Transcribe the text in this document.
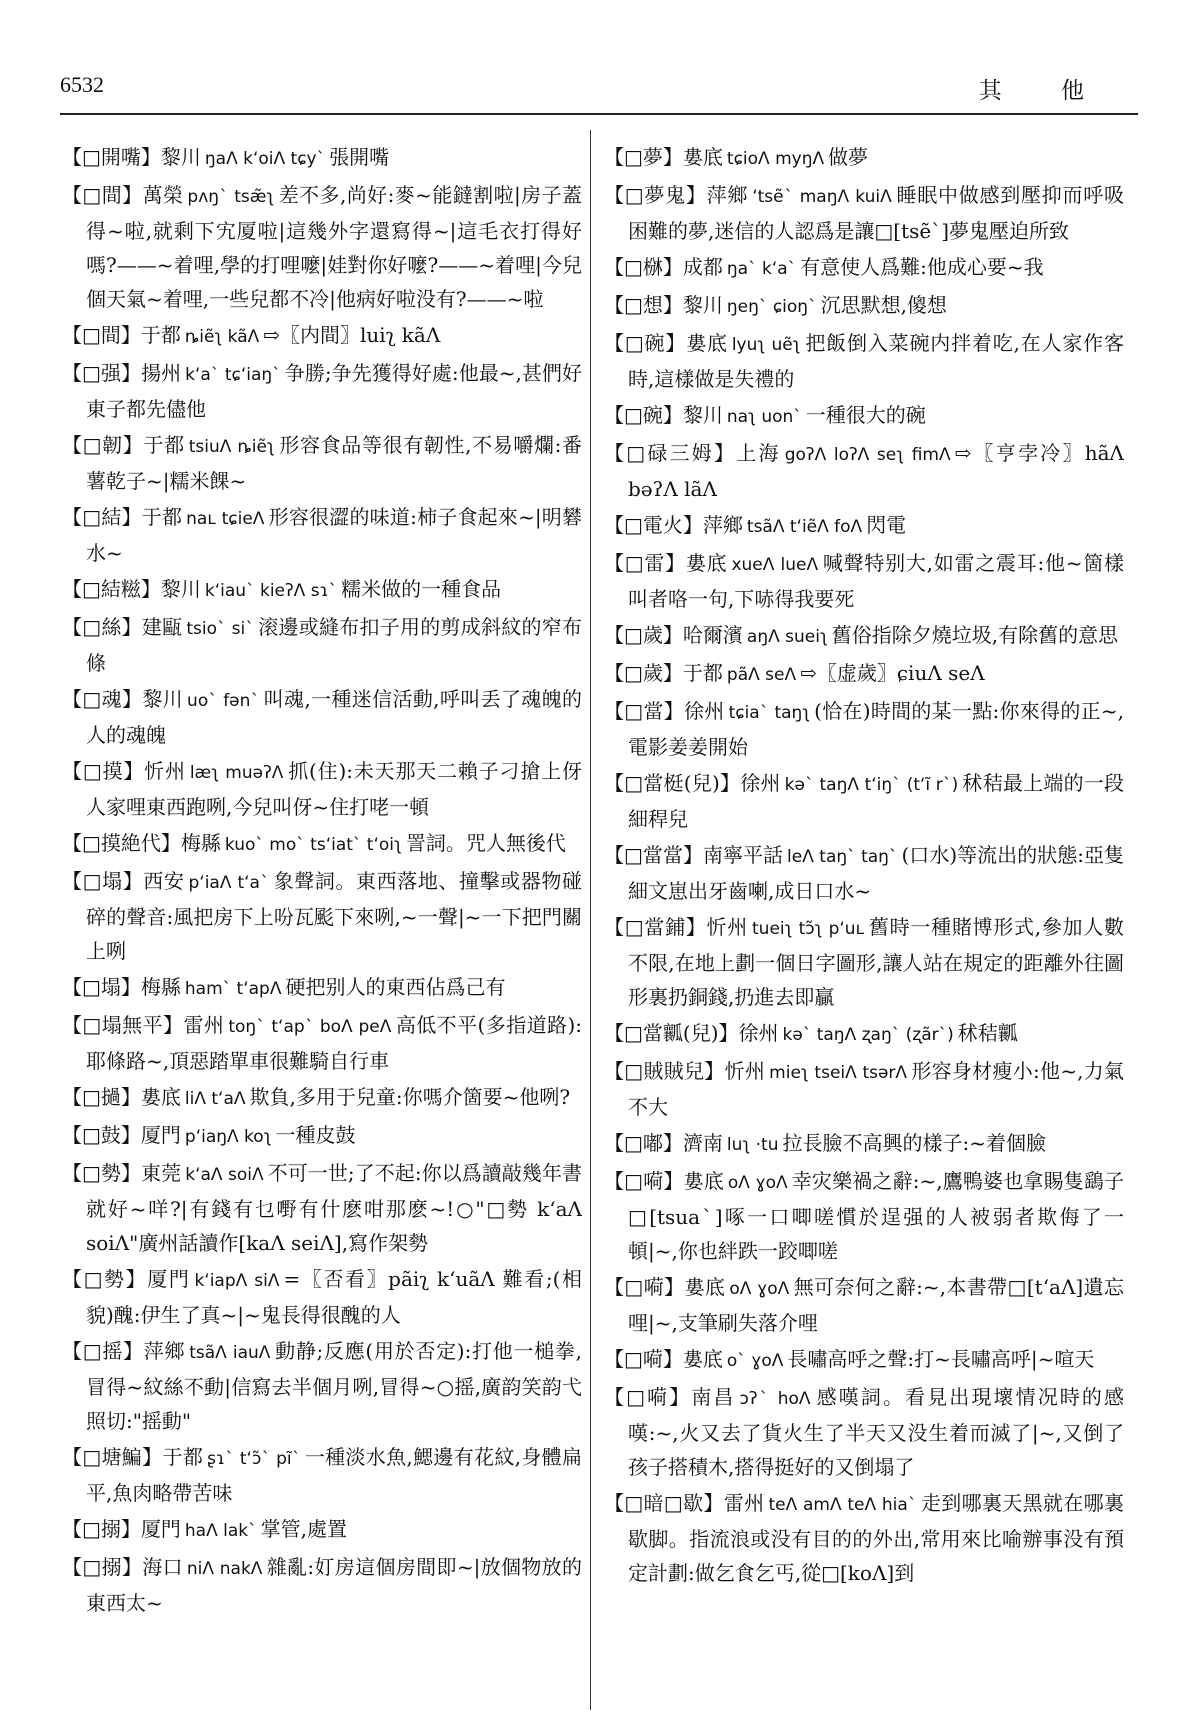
6532	其 他

【□開嘴】黎川 ŋaɅ kʻoiɅ tɕyˋ 張開嘴

【□間】萬榮 pʌŋˋ tsæ̃ʅ 差不多,尚好:麥~能鐽割啦|房子蓋得~啦,就剩下宄厦啦|這幾外字還寫得~|這毛衣打得好嗎?——~着哩,學的打哩嚒|娃對你好嚒?——~着哩|今兒個天氣~着哩,一些兒都不冷|他病好啦没有?——~啦

【□間】于都 ȵiẽʅ kãɅ ⇨〖内間〗luiʅ kãɅ

【□强】揚州 kʻaˋ tɕʻiaŋˋ 争勝;争先獲得好處:他最~,甚們好東子都先儘他

【□韌】于都 tsiuɅ ȵiẽʅ 形容食品等很有韌性,不易嚼爛:番薯乾子~|糯米餜~

【□結】于都 naʟ tɕieɅ 形容很澀的味道:柿子食起來~|明礬水~

【□結糍】黎川 kʻiauˋ kieʔɅ sɿˋ 糯米做的一種食品

【□絲】建甌 tsioˋ siˋ 滚邊或縫布扣子用的剪成斜紋的窄布條

【□魂】黎川 uoˋ fənˋ 叫魂,一種迷信活動,呼叫丢了魂魄的人的魂魄

【□摸】忻州 læʅ muəʔɅ 抓(住):未天那天二賴子刁搶上伢人家哩東西跑咧,今兒叫伢~住打咾一頓

【□摸絶代】梅縣 kuoˋ moˋ tsʻiatˋ tʻoiʅ 詈詞。咒人無後代

【□塌】西安 pʻiaɅ tʻaˋ 象聲詞。東西落地、撞擊或器物碰碎的聲音:風把房下上吩瓦颩下來咧,~一聲|~一下把門關上咧

【□塌】梅縣 hamˋ tʻapɅ 硬把别人的東西佔爲己有

【□塌無平】雷州 toŋˋ tʻapˋ boɅ peɅ 高低不平(多指道路):耶條路~,頂惡踏單車很難騎自行車

【□撾】婁底 liɅ tʻaɅ 欺負,多用于兒童:你嗎介箇要~他咧?

【□鼓】厦門 pʻiaŋɅ koʅ 一種皮鼓

【□勢】東莞 kʻaɅ soiɅ 不可一世;了不起:你以爲讀敲幾年書就好~咩?|有錢有乜嘢有什麽咁那麽~!○"□勢 kʻaɅ soiɅ"廣州話讀作[kaɅ seiɅ],寫作架勢

【□勢】厦門 kʻiapɅ siɅ =〖否看〗pãiʅ kʻuãɅ 難看;(相貌)醜:伊生了真~|~鬼長得很醜的人

【□摇】萍鄉 tsãɅ iauɅ 動静;反應(用於否定):打他一槌拳,冒得~紋絲不動|信寫去半個月咧,冒得~○摇,廣韵笑韵弋照切:"摇動"

【□塘鯿】于都 ʂɿˋ tʻɔ̃ˋ pĩˋ 一種淡水魚,鰓邊有花紋,身體扁平,魚肉略帶苦味

【□搦】厦門 haɅ lakˋ 掌管,處置

【□搦】海口 niɅ nakɅ 雜亂:奵房這個房間即~|放個物放的東西太~

【□夢】婁底 tɕioɅ myŋɅ 做夢

【□夢鬼】萍鄉 ʻtsẽˋ maŋɅ kuiɅ 睡眠中做感到壓抑而呼吸困難的夢,迷信的人認爲是讓□[tsẽˋ]夢鬼壓迫所致

【□椕】成都 ŋaˋ kʻaˋ 有意使人爲難:他成心要~我

【□想】黎川 ŋeŋˋ ɕioŋˋ 沉思默想,傻想

【□碗】婁底 lyuʅ uẽʅ 把飯倒入菜碗内拌着吃,在人家作客時,這樣做是失禮的

【□碗】黎川 naʅ uonˋ 一種很大的碗

【□碌三姆】上海 goʔɅ loʔɅ seʅ fimɅ ⇨〖亨孛冷〗hãɅ bəʔɅ lãɅ

【□電火】萍鄉 tsãɅ tʻiẽɅ foɅ 閃電

【□雷】婁底 xueɅ lueɅ 喊聲特别大,如雷之震耳:他~箇樣叫者咯一句,下哧得我要死

【□歲】哈爾濱 aŋɅ sueiʅ 舊俗指除夕燒垃圾,有除舊的意思

【□歲】于都 pãɅ seɅ ⇨〖虚歲〗ɕiuɅ seɅ

【□當】徐州 tɕiaˋ taŋʅ (恰在)時間的某一點:你來得的正~,電影姜姜開始

【□當梃(兒)】徐州 kəˋ taŋɅ tʻiŋˋ (tʻĩ rˋ) 秫秸最上端的一段細稈兒

【□當當】南寧平話 leɅ taŋˋ taŋˋ (口水)等流出的狀態:亞隻細文崽出牙齒喇,成日口水~

【□當鋪】忻州 tueiʅ tɔ̃ʅ pʻuʟ 舊時一種賭博形式,參加人數不限,在地上劃一個日字圖形,讓人站在規定的距離外往圖形裏扔銅錢,扔進去即贏

【□當瓤(兒)】徐州 kəˋ taŋɅ ʐaŋˋ (ʐãrˋ) 秫秸瓤

【□賊賊兒】忻州 mieʅ tseiɅ tsərɅ 形容身材瘦小:他~,力氣不大

【□嘟】濟南 luʅ ·tu 拉長臉不高興的樣子:~着個臉

【□嗬】婁底 oɅ ɣoɅ 幸灾樂禍之辭:~,鷹鴨婆也拿賜隻鷂子□[tsuaˋ]啄一口唧嗟慣於逞强的人被弱者欺侮了一頓|~,你也絆跌一跤唧嗟

【□嗬】婁底 oɅ ɣoɅ 無可奈何之辭:~,本書帶□[tʻaɅ]遺忘哩|~,支筆刷失落介哩

【□嗬】婁底 oˋ ɣoɅ 長嘯高呼之聲:打~長嘯高呼|~喧天

【□嗬】南昌 ɔʔˋ hoɅ 感嘆詞。看見出現壞情况時的感嘆:~,火又去了貨火生了半天又没生着而滅了|~,又倒了孩子搭積木,搭得挺好的又倒塌了

【□暗□歇】雷州 teɅ amɅ teɅ hiaˋ 走到哪裏天黑就在哪裏歇脚。指流浪或没有目的的外出,常用來比喻辦事没有預定計劃:做乞食乞丐,從□[koɅ]到
